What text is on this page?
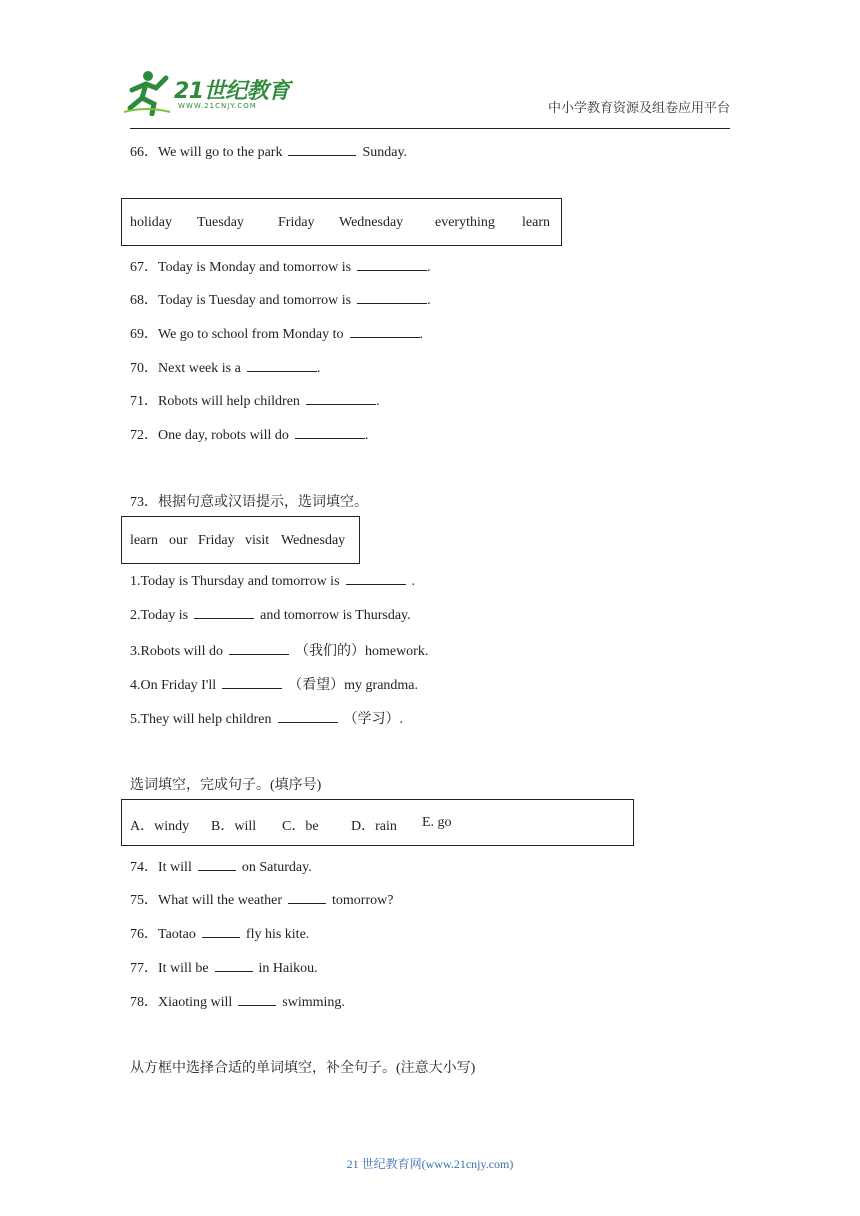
21世纪教育
WWW.21CNJY.COM	中小学教育资源及组卷应用平台
66．We will go to the park	Sunday.
holiday Tuesday Friday Wednesday everything learn
67．Today is Monday and tomorrow is	.
68．Today is Tuesday and tomorrow is	.
69．We go to school from Monday to	.
70．Next week is a	.
71．Robots will help children	.
72．One day, robots will do	.
73．根据句意或汉语提示，选词填空。
learn our Friday visit Wednesday
1.Today is Thursday and tomorrow is	.
2.Today is	and tomorrow is Thursday.
3.Robots will do	（我们的）homework.
4.On Friday I'll	（看望）my grandma.
5.They will help children	（学习）.
选词填空，完成句子。(填序号)
A．windy B．will C．be D．rain E. go
74．It will	on Saturday.
75．What will the weather	tomorrow?
76．Taotao	fly his kite.
77．It will be	in Haikou.
78．Xiaoting will	swimming.
从方框中选择合适的单词填空，补全句子。(注意大小写)
21 世纪教育网(www.21cnjy.com)
